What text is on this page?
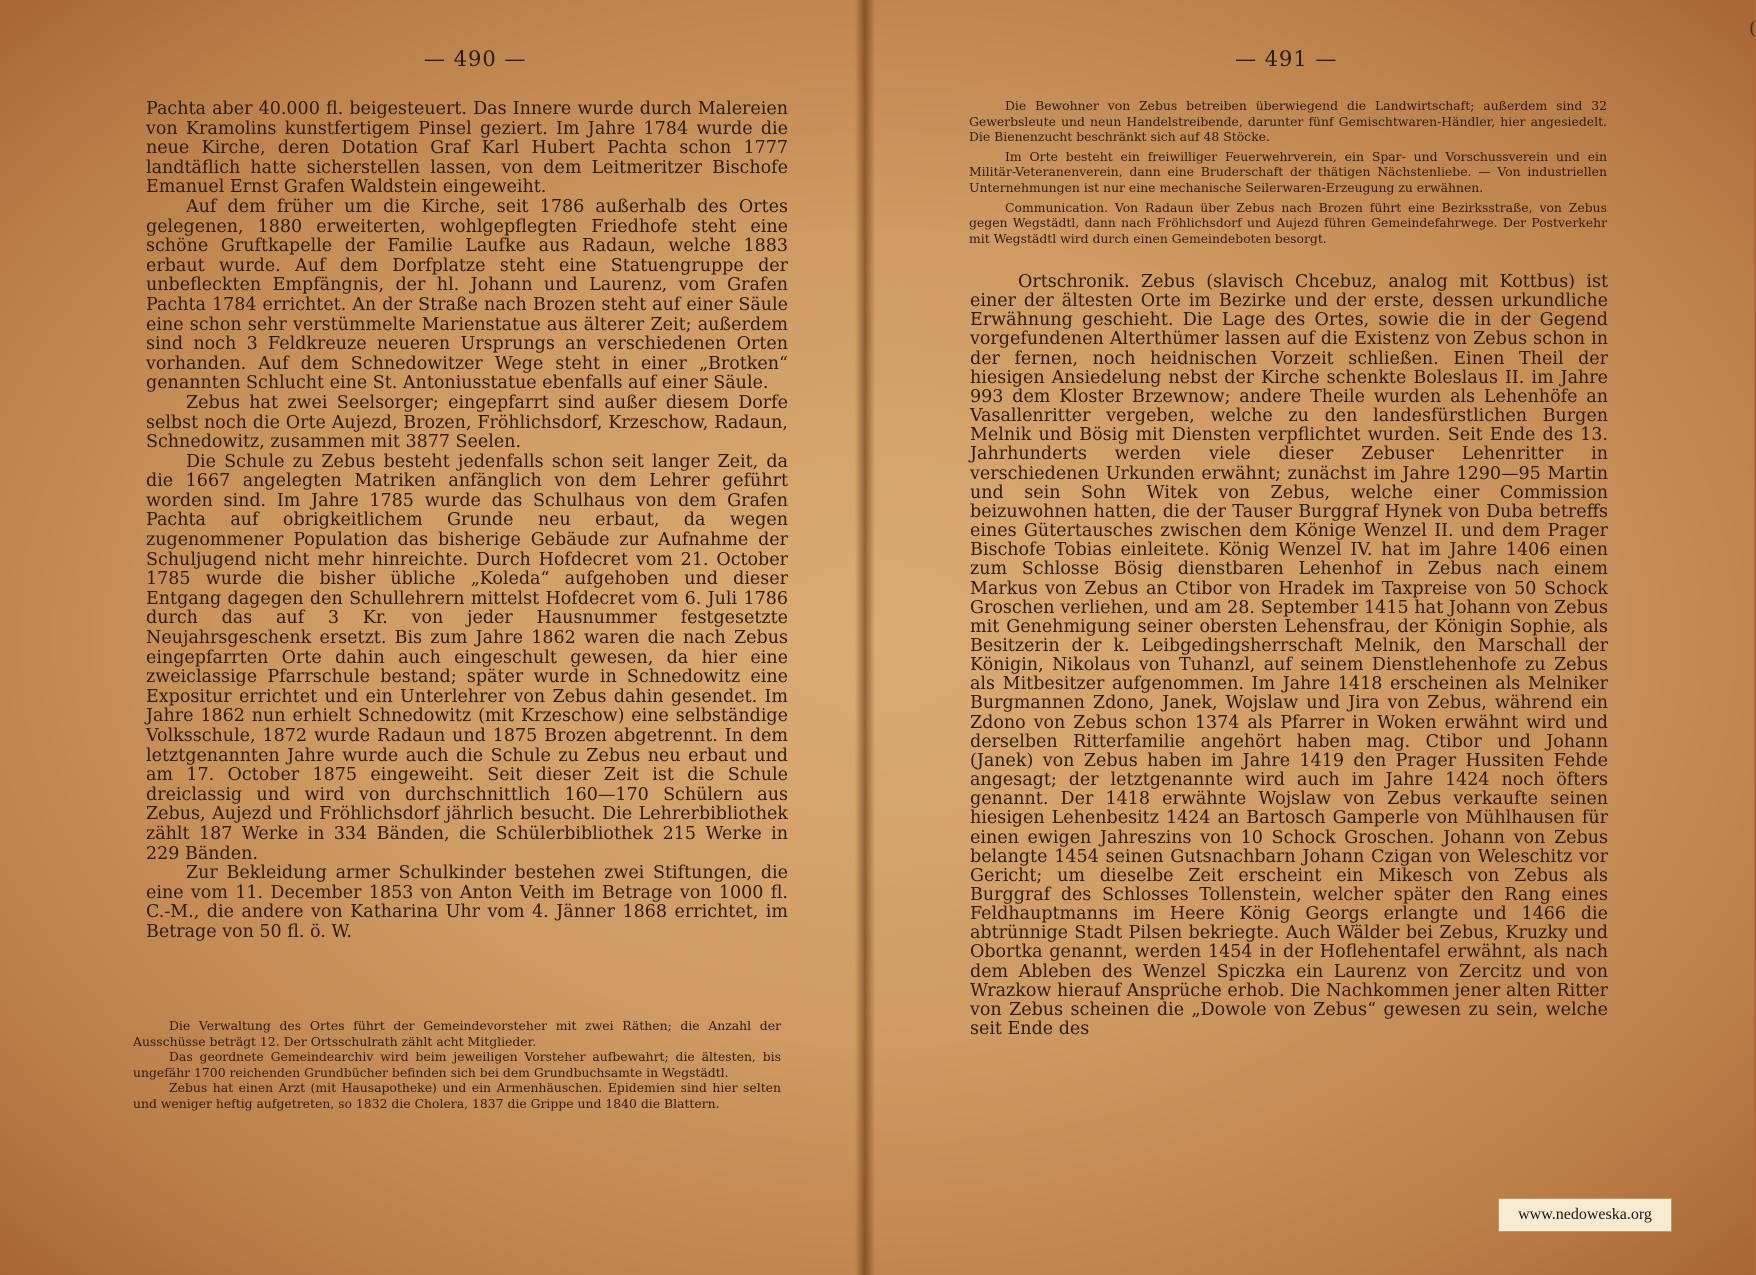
— 490 —

Pachta aber 40.000 fl. beigesteuert. Das Innere wurde durch Malereien von Kramolins kunstfertigem Pinsel geziert. Im Jahre 1784 wurde die neue Kirche, deren Dotation Graf Karl Hubert Pachta schon 1777 landtäflich hatte sicherstellen lassen, von dem Leitmeritzer Bischofe Emanuel Ernst Grafen Waldstein eingeweiht.

Auf dem früher um die Kirche, seit 1786 außerhalb des Ortes gelegenen, 1880 erweiterten, wohlgepflegten Friedhofe steht eine schöne Gruftkapelle der Familie Laufke aus Radaun, welche 1883 erbaut wurde. Auf dem Dorfplatze steht eine Statuengruppe der unbefleckten Empfängnis, der hl. Johann und Laurenz, vom Grafen Pachta 1784 errichtet. An der Straße nach Brozen steht auf einer Säule eine schon sehr verstümmelte Marienstatue aus älterer Zeit; außerdem sind noch 3 Feldkreuze neueren Ursprungs an verschiedenen Orten vorhanden. Auf dem Schnedowitzer Wege steht in einer „Brotken“ genannten Schlucht eine St. Antoniusstatue ebenfalls auf einer Säule.

Zebus hat zwei Seelsorger; eingepfarrt sind außer diesem Dorfe selbst noch die Orte Aujezd, Brozen, Fröhlichsdorf, Krzeschow, Radaun, Schnedowitz, zusammen mit 3877 Seelen.

Die Schule zu Zebus besteht jedenfalls schon seit langer Zeit, da die 1667 angelegten Matriken anfänglich von dem Lehrer geführt worden sind. Im Jahre 1785 wurde das Schulhaus von dem Grafen Pachta auf obrigkeitlichem Grunde neu erbaut, da wegen zugenommener Population das bisherige Gebäude zur Aufnahme der Schuljugend nicht mehr hinreichte. Durch Hofdecret vom 21. October 1785 wurde die bisher übliche „Koleda“ aufgehoben und dieser Entgang dagegen den Schullehrern mittelst Hofdecret vom 6. Juli 1786 durch das auf 3 Kr. von jeder Hausnummer festgesetzte Neujahrsgeschenk ersetzt. Bis zum Jahre 1862 waren die nach Zebus eingepfarrten Orte dahin auch eingeschult gewesen, da hier eine zweiclassige Pfarrschule bestand; später wurde in Schnedowitz eine Expositur errichtet und ein Unterlehrer von Zebus dahin gesendet. Im Jahre 1862 nun erhielt Schnedowitz (mit Krzeschow) eine selbständige Volksschule, 1872 wurde Radaun und 1875 Brozen abgetrennt. In dem letztgenannten Jahre wurde auch die Schule zu Zebus neu erbaut und am 17. October 1875 eingeweiht. Seit dieser Zeit ist die Schule dreiclassig und wird von durchschnittlich 160—170 Schülern aus Zebus, Aujezd und Fröhlichsdorf jährlich besucht. Die Lehrerbibliothek zählt 187 Werke in 334 Bänden, die Schülerbibliothek 215 Werke in 229 Bänden.

Zur Bekleidung armer Schulkinder bestehen zwei Stiftungen, die eine vom 11. December 1853 von Anton Veith im Betrage von 1000 fl. C.-M., die andere von Katharina Uhr vom 4. Jänner 1868 errichtet, im Betrage von 50 fl. ö. W.

Die Verwaltung des Ortes führt der Gemeindevorsteher mit zwei Räthen; die Anzahl der Ausschüsse beträgt 12. Der Ortsschulrath zählt acht Mitglieder.

Das geordnete Gemeindearchiv wird beim jeweiligen Vorsteher aufbewahrt; die ältesten, bis ungefähr 1700 reichenden Grundbücher befinden sich bei dem Grundbuchsamte in Wegstädtl.

Zebus hat einen Arzt (mit Hausapotheke) und ein Armenhäuschen. Epidemien sind hier selten und weniger heftig aufgetreten, so 1832 die Cholera, 1837 die Grippe und 1840 die Blattern.

(
— 491 —

Die Bewohner von Zebus betreiben überwiegend die Landwirtschaft; außerdem sind 32 Gewerbsleute und neun Handelstreibende, darunter fünf Gemischtwaren-Händler, hier angesiedelt. Die Bienenzucht beschränkt sich auf 48 Stöcke.

Im Orte besteht ein freiwilliger Feuerwehrverein, ein Spar- und Vorschussverein und ein Militär-Veteranenverein, dann eine Bruderschaft der thätigen Nächstenliebe. — Von industriellen Unternehmungen ist nur eine mechanische Seilerwaren-Erzeugung zu erwähnen.

Communication. Von Radaun über Zebus nach Brozen führt eine Bezirksstraße, von Zebus gegen Wegstädtl, dann nach Fröhlichsdorf und Aujezd führen Gemeindefahrwege. Der Postverkehr mit Wegstädtl wird durch einen Gemeindeboten besorgt.

Ortschronik. Zebus (slavisch Chcebuz, analog mit Kottbus) ist einer der ältesten Orte im Bezirke und der erste, dessen urkundliche Erwähnung geschieht. Die Lage des Ortes, sowie die in der Gegend vorgefundenen Alterthümer lassen auf die Existenz von Zebus schon in der fernen, noch heidnischen Vorzeit schließen. Einen Theil der hiesigen Ansiedelung nebst der Kirche schenkte Boleslaus II. im Jahre 993 dem Kloster Brzewnow; andere Theile wurden als Lehenhöfe an Vasallenritter vergeben, welche zu den landesfürstlichen Burgen Melnik und Bösig mit Diensten verpflichtet wurden. Seit Ende des 13. Jahrhunderts werden viele dieser Zebuser Lehenritter in verschiedenen Urkunden erwähnt; zunächst im Jahre 1290—95 Martin und sein Sohn Witek von Zebus, welche einer Commission beizuwohnen hatten, die der Tauser Burggraf Hynek von Duba betreffs eines Gütertausches zwischen dem Könige Wenzel II. und dem Prager Bischofe Tobias einleitete. König Wenzel IV. hat im Jahre 1406 einen zum Schlosse Bösig dienstbaren Lehenhof in Zebus nach einem Markus von Zebus an Ctibor von Hradek im Taxpreise von 50 Schock Groschen verliehen, und am 28. September 1415 hat Johann von Zebus mit Genehmigung seiner obersten Lehensfrau, der Königin Sophie, als Besitzerin der k. Leibgedingsherrschaft Melnik, den Marschall der Königin, Nikolaus von Tuhanzl, auf seinem Dienstlehenhofe zu Zebus als Mitbesitzer aufgenommen. Im Jahre 1418 erscheinen als Melniker Burgmannen Zdono, Janek, Wojslaw und Jira von Zebus, während ein Zdono von Zebus schon 1374 als Pfarrer in Woken erwähnt wird und derselben Ritterfamilie angehört haben mag. Ctibor und Johann (Janek) von Zebus haben im Jahre 1419 den Prager Hussiten Fehde angesagt; der letztgenannte wird auch im Jahre 1424 noch öfters genannt. Der 1418 erwähnte Wojslaw von Zebus verkaufte seinen hiesigen Lehenbesitz 1424 an Bartosch Gamperle von Mühlhausen für einen ewigen Jahreszins von 10 Schock Groschen. Johann von Zebus belangte 1454 seinen Gutsnachbarn Johann Czigan von Weleschitz vor Gericht; um dieselbe Zeit erscheint ein Mikesch von Zebus als Burggraf des Schlosses Tollenstein, welcher später den Rang eines Feldhauptmanns im Heere König Georgs erlangte und 1466 die abtrünnige Stadt Pilsen bekriegte. Auch Wälder bei Zebus, Kruzky und Obortka genannt, werden 1454 in der Hoflehentafel erwähnt, als nach dem Ableben des Wenzel Spiczka ein Laurenz von Zercitz und von Wrazkow hierauf Ansprüche erhob. Die Nachkommen jener alten Ritter von Zebus scheinen die „Dowole von Zebus“ gewesen zu sein, welche seit Ende des

www.nedoweska.org
